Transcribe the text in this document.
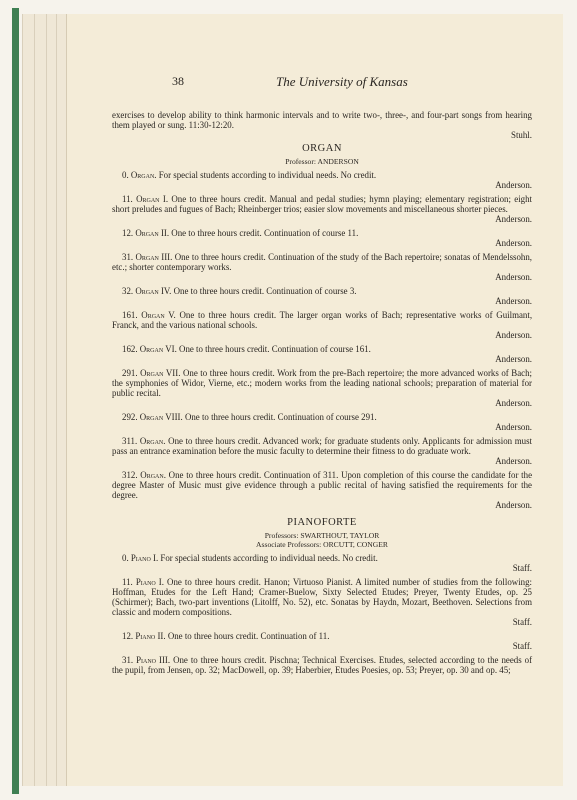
38	The University of Kansas

exercises to develop ability to think harmonic intervals and to write two-, three-, and four-part songs from hearing them played or sung. 11:30-12:20.

Stuhl.

ORGAN

Professor: ANDERSON

0. Organ. For special students according to individual needs. No credit.

Anderson.

11. Organ I. One to three hours credit. Manual and pedal studies; hymn playing; elementary registration; eight short preludes and fugues of Bach; Rheinberger trios; easier slow movements and miscellaneous shorter pieces.

Anderson.

12. Organ II. One to three hours credit. Continuation of course 11.

Anderson.

31. Organ III. One to three hours credit. Continuation of the study of the Bach repertoire; sonatas of Mendelssohn, etc.; shorter contemporary works.

Anderson.

32. Organ IV. One to three hours credit. Continuation of course 3.

Anderson.

161. Organ V. One to three hours credit. The larger organ works of Bach; representative works of Guilmant, Franck, and the various national schools.

Anderson.

162. Organ VI. One to three hours credit. Continuation of course 161.

Anderson.

291. Organ VII. One to three hours credit. Work from the pre-Bach repertoire; the more advanced works of Bach; the symphonies of Widor, Vierne, etc.; modern works from the leading national schools; preparation of material for public recital.

Anderson.

292. Organ VIII. One to three hours credit. Continuation of course 291.

Anderson.

311. Organ. One to three hours credit. Advanced work; for graduate students only. Applicants for admission must pass an entrance examination before the music faculty to determine their fitness to do graduate work.

Anderson.

312. Organ. One to three hours credit. Continuation of 311. Upon completion of this course the candidate for the degree Master of Music must give evidence through a public recital of having satisfied the requirements for the degree.

Anderson.

PIANOFORTE

Professors: SWARTHOUT, TAYLOR

Associate Professors: ORCUTT, CONGER

0. Piano I. For special students according to individual needs. No credit.

Staff.

11. Piano I. One to three hours credit. Hanon; Virtuoso Pianist. A limited number of studies from the following: Hoffman, Etudes for the Left Hand; Cramer-Buelow, Sixty Selected Etudes; Preyer, Twenty Etudes, op. 25 (Schirmer); Bach, two-part inventions (Litolff, No. 52), etc. Sonatas by Haydn, Mozart, Beethoven. Selections from classic and modern compositions.

Staff.

12. Piano II. One to three hours credit. Continuation of 11.

Staff.

31. Piano III. One to three hours credit. Pischna; Technical Exercises. Etudes, selected according to the needs of the pupil, from Jensen, op. 32; MacDowell, op. 39; Haberbier, Etudes Poesies, op. 53; Preyer, op. 30 and op. 45;
